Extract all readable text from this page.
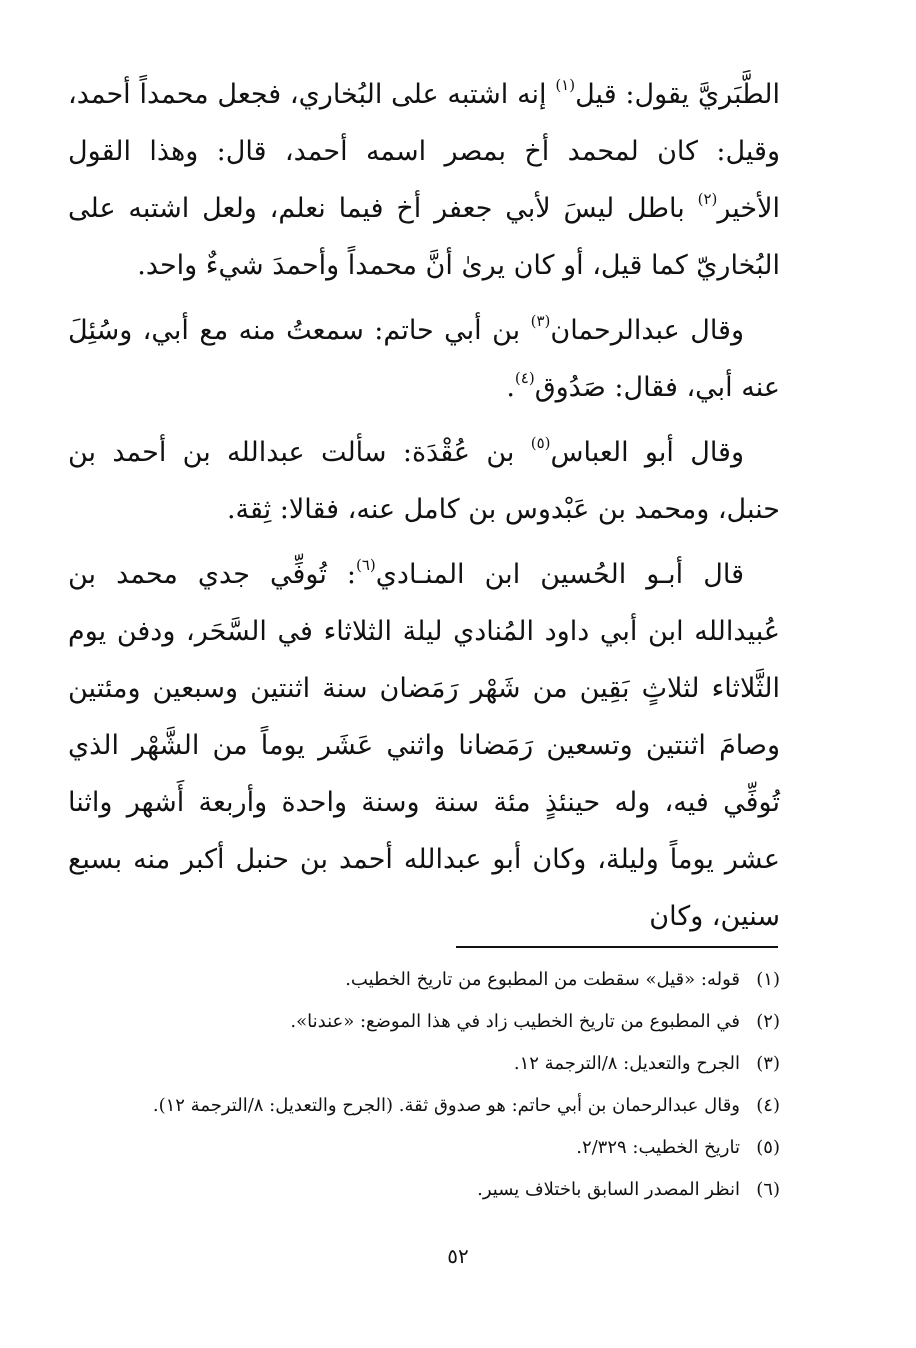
الطَّبَريَّ يقول: قيل$^{(١)}$ إنه اشتبه على البُخاري، فجعل محمداً أحمد، وقيل: كان لمحمد أخ بمصر اسمه أحمد، قال: وهذا القول الأخير$^{(٢)}$ باطل ليسَ لأبي جعفر أخ فيما نعلم، ولعل اشتبه على البُخاريّ كما قيل، أو كان يرىٰ أنَّ محمداً وأحمدَ شيءٌ واحد.

وقال عبدالرحمان$^{(٣)}$ بن أبي حاتم: سمعتُ منه مع أبي، وسُئِلَ عنه أبي، فقال: صَدُوق$^{(٤)}$.

وقال أبو العباس$^{(٥)}$ بن عُقْدَة: سألت عبدالله بن أحمد بن حنبل، ومحمد بن عَبْدوس بن كامل عنه، فقالا: ثِقة.

قال أبـو الحُسين ابن المنـادي$^{(٦)}$: تُوفِّي جدي محمد بن عُبيدالله ابن أبي داود المُنادي ليلة الثلاثاء في السَّحَر، ودفن يوم الثَّلاثاء لثلاثٍ بَقِين من شَهْر رَمَضان سنة اثنتين وسبعين ومئتين وصامَ اثنتين وتسعين رَمَضانا واثني عَشَر يوماً من الشَّهْر الذي تُوفِّي فيه، وله حينئذٍ مئة سنة وسنة واحدة وأربعة أَشهر واثنا عشر يوماً وليلة، وكان أبو عبدالله أحمد بن حنبل أكبر منه بسبع سنين، وكان

(١)
قوله: «قيل» سقطت من المطبوع من تاريخ الخطيب.
(٢)
في المطبوع من تاريخ الخطيب زاد في هذا الموضع: «عندنا».
(٣)
الجرح والتعديل: ٨/الترجمة ١٢.
(٤)
وقال عبدالرحمان بن أبي حاتم: هو صدوق ثقة. (الجرح والتعديل: ٨/الترجمة ١٢).
(٥)
تاريخ الخطيب: ٢/٣٢٩.
(٦)
انظر المصدر السابق باختلاف يسير.
٥٢
